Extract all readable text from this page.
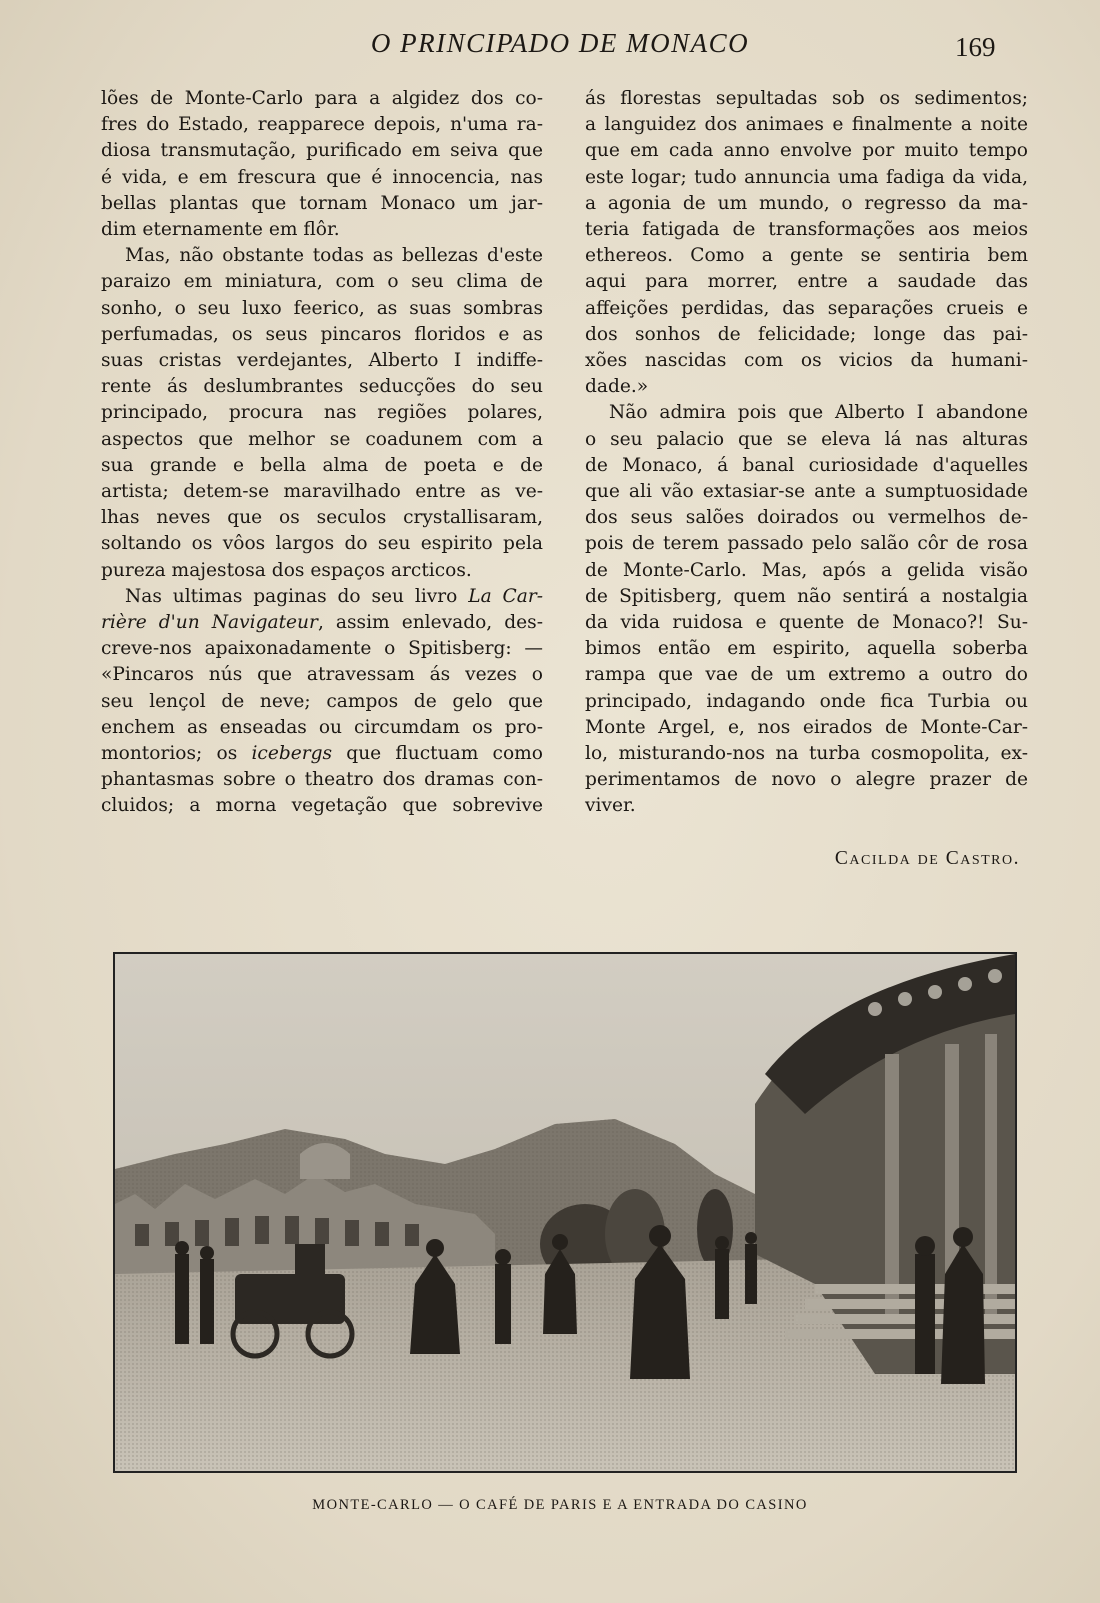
O PRINCIPADO DE MONACO	169

lões de Monte-Carlo para a algidez dos co-
fres do Estado, reapparece depois, n'uma ra-
diosa transmutação, purificado em seiva que
é vida, e em frescura que é innocencia, nas
bellas plantas que tornam Monaco um jar-
dim eternamente em flôr.

Mas, não obstante todas as bellezas d'este
paraizo em miniatura, com o seu clima de
sonho, o seu luxo feerico, as suas sombras
perfumadas, os seus pincaros floridos e as
suas cristas verdejantes, Alberto I indiffe-
rente ás deslumbrantes seducções do seu
principado, procura nas regiões polares,
aspectos que melhor se coadunem com a
sua grande e bella alma de poeta e de
artista; detem-se maravilhado entre as ve-
lhas neves que os seculos crystallisaram,
soltando os vôos largos do seu espirito pela
pureza majestosa dos espaços arcticos.

Nas ultimas paginas do seu livro La Car-
rière d'un Navigateur, assim enlevado, des-
creve-nos apaixonadamente o Spitisberg: —
«Pincaros nús que atravessam ás vezes o
seu lençol de neve; campos de gelo que
enchem as enseadas ou circumdam os pro-
montorios; os icebergs que fluctuam como
phantasmas sobre o theatro dos dramas con-
cluidos; a morna vegetação que sobrevive

ás florestas sepultadas sob os sedimentos;
a languidez dos animaes e finalmente a noite
que em cada anno envolve por muito tempo
este logar; tudo annuncia uma fadiga da vida,
a agonia de um mundo, o regresso da ma-
teria fatigada de transformações aos meios
ethereos. Como a gente se sentiria bem
aqui para morrer, entre a saudade das
affeições perdidas, das separações crueis e
dos sonhos de felicidade; longe das pai-
xões nascidas com os vicios da humani-
dade.»

Não admira pois que Alberto I abandone
o seu palacio que se eleva lá nas alturas
de Monaco, á banal curiosidade d'aquelles
que ali vão extasiar-se ante a sumptuosidade
dos seus salões doirados ou vermelhos de-
pois de terem passado pelo salão côr de rosa
de Monte-Carlo. Mas, após a gelida visão
de Spitisberg, quem não sentirá a nostalgia
da vida ruidosa e quente de Monaco?! Su-
bimos então em espirito, aquella soberba
rampa que vae de um extremo a outro do
principado, indagando onde fica Turbia ou
Monte Argel, e, nos eirados de Monte-Car-
lo, misturando-nos na turba cosmopolita, ex-
perimentamos de novo o alegre prazer de
viver.

Cacilda de Castro.
MONTE-CARLO — O CAFÉ DE PARIS E A ENTRADA DO CASINO
